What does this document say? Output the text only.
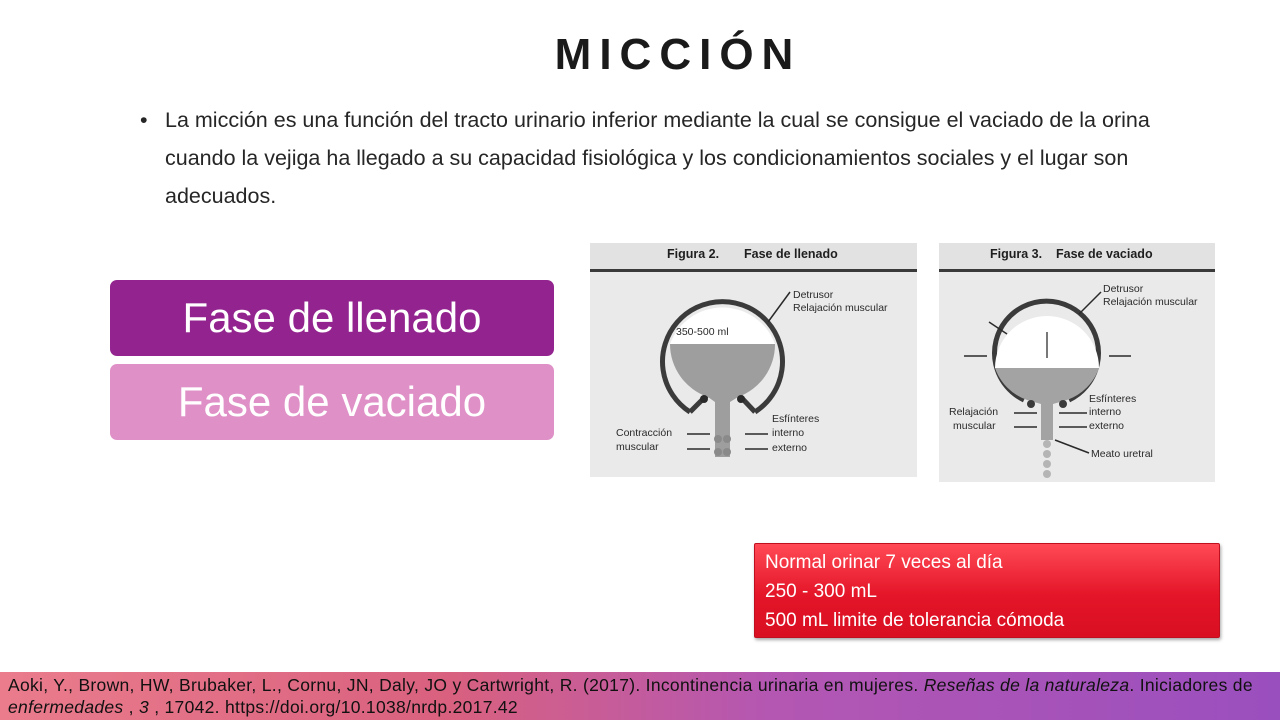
MICCIÓN
• La micción es una función del tracto urinario inferior mediante la cual se consigue el vaciado de la orina cuando la vejiga ha llegado a su capacidad fisiológica y los condicionamientos sociales y el lugar son adecuados.
Fase de llenado
Fase de vaciado
Figura 2. Fase de llenado
Detrusor
Relajación muscular
350-500 ml
Contracción
muscular
Esfínteres
interno
externo
Figura 3. Fase de vaciado
Detrusor
Relajación muscular
Esfínteres
interno
externo
Relajación
muscular
Meato uretral
Normal orinar 7 veces al día
250 - 300 mL
500 mL limite de tolerancia cómoda
Aoki, Y., Brown, HW, Brubaker, L., Cornu, JN, Daly, JO y Cartwright, R. (2017). Incontinencia urinaria en mujeres. Reseñas de la naturaleza. Iniciadores de enfermedades , 3 , 17042. https://doi.org/10.1038/nrdp.2017.42
